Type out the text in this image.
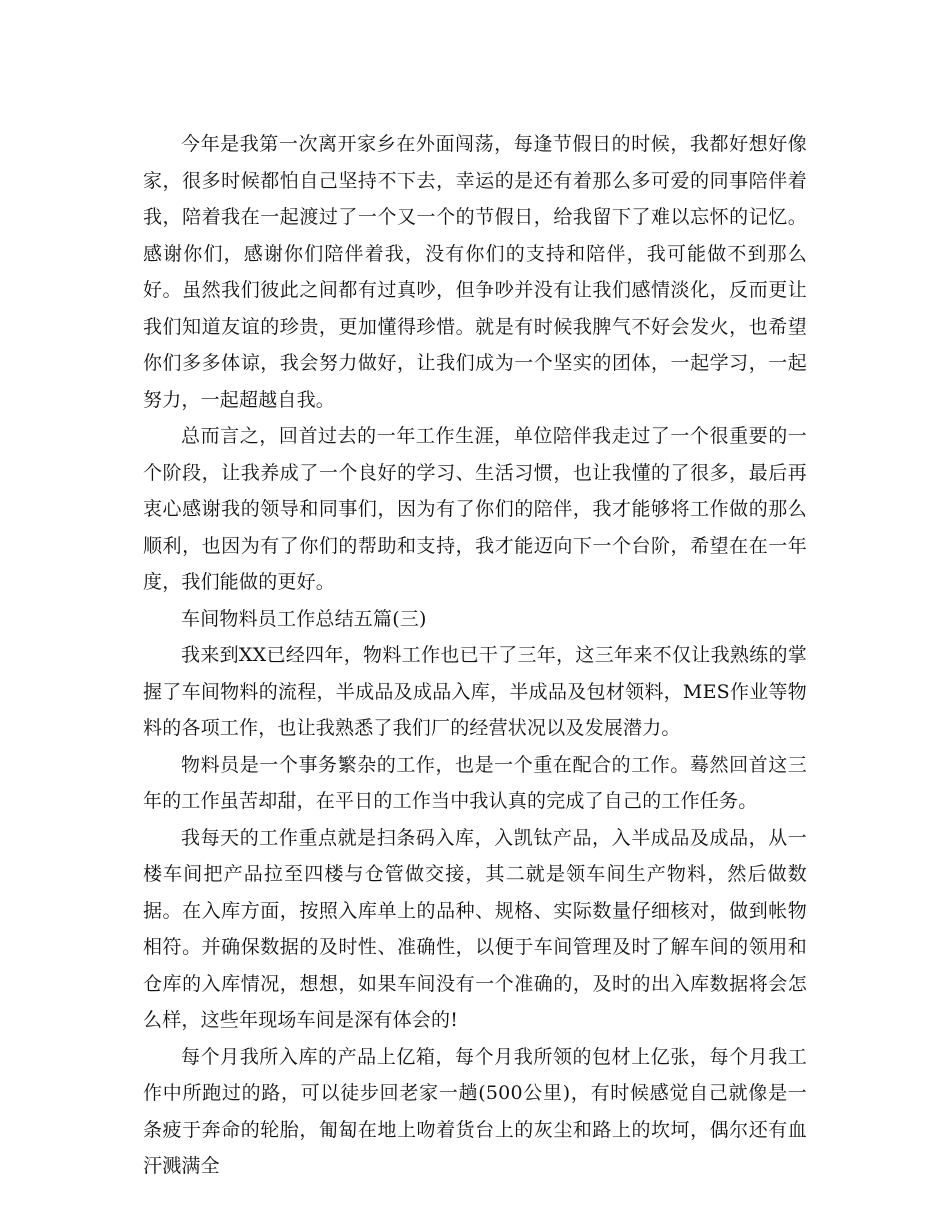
今年是我第一次离开家乡在外面闯荡，每逢节假日的时候，我都好想好像家，很多时候都怕自己坚持不下去，幸运的是还有着那么多可爱的同事陪伴着我，陪着我在一起渡过了一个又一个的节假日，给我留下了难以忘怀的记忆。感谢你们，感谢你们陪伴着我，没有你们的支持和陪伴，我可能做不到那么好。虽然我们彼此之间都有过真吵，但争吵并没有让我们感情淡化，反而更让我们知道友谊的珍贵，更加懂得珍惜。就是有时候我脾气不好会发火，也希望你们多多体谅，我会努力做好，让我们成为一个坚实的团体，一起学习，一起努力，一起超越自我。

总而言之，回首过去的一年工作生涯，单位陪伴我走过了一个很重要的一个阶段，让我养成了一个良好的学习、生活习惯，也让我懂的了很多，最后再衷心感谢我的领导和同事们，因为有了你们的陪伴，我才能够将工作做的那么顺利，也因为有了你们的帮助和支持，我才能迈向下一个台阶，希望在在一年度，我们能做的更好。

车间物料员工作总结五篇(三)

我来到XX已经四年，物料工作也已干了三年，这三年来不仅让我熟练的掌握了车间物料的流程，半成品及成品入库，半成品及包材领料，MES作业等物料的各项工作，也让我熟悉了我们厂的经营状况以及发展潜力。

物料员是一个事务繁杂的工作，也是一个重在配合的工作。蓦然回首这三年的工作虽苦却甜，在平日的工作当中我认真的完成了自己的工作任务。

我每天的工作重点就是扫条码入库，入凯钛产品，入半成品及成品，从一楼车间把产品拉至四楼与仓管做交接，其二就是领车间生产物料，然后做数据。在入库方面，按照入库单上的品种、规格、实际数量仔细核对，做到帐物相符。并确保数据的及时性、准确性，以便于车间管理及时了解车间的领用和仓库的入库情况，想想，如果车间没有一个准确的，及时的出入库数据将会怎么样，这些年现场车间是深有体会的!

每个月我所入库的产品上亿箱，每个月我所领的包材上亿张，每个月我工作中所跑过的路，可以徒步回老家一趟(500公里)，有时候感觉自己就像是一条疲于奔命的轮胎，匍匐在地上吻着货台上的灰尘和路上的坎坷，偶尔还有血汗溅满全
